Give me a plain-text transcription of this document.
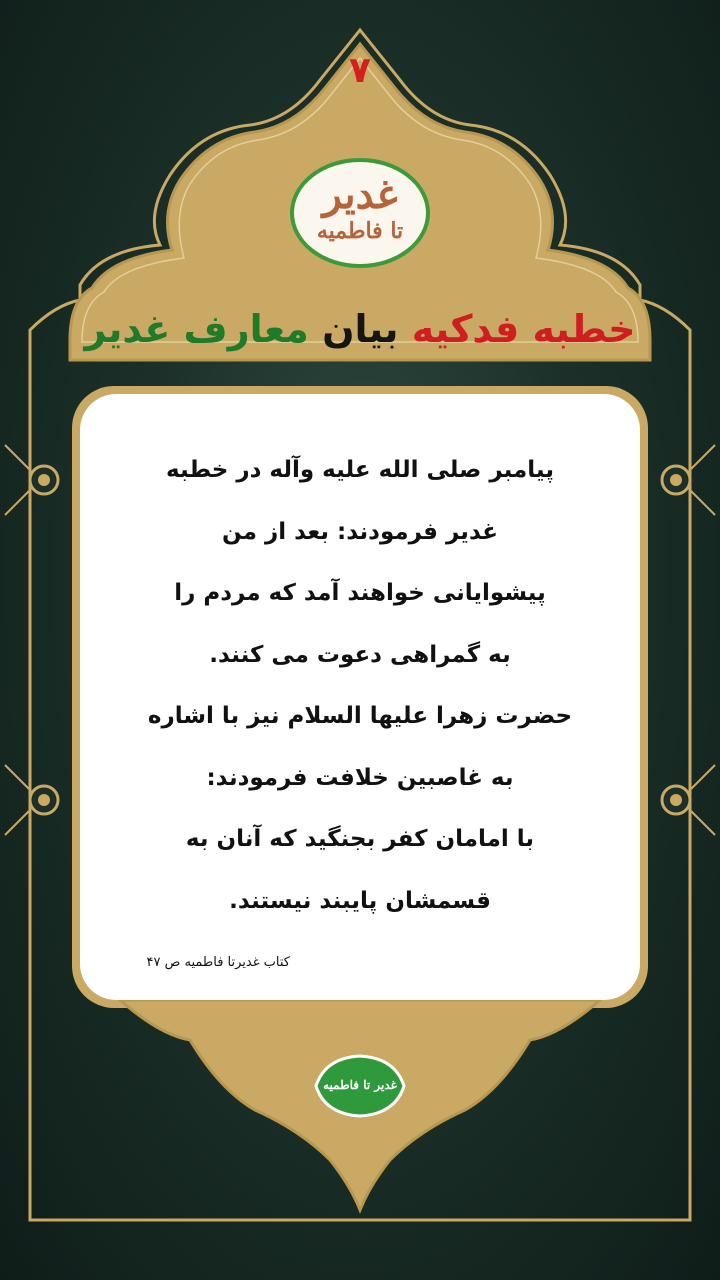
۷
غدیر
تا فاطمیه
خطبه فدکیه بیان معارف غدیر

پیامبر صلی الله علیه وآله در خطبه

غدیر فرمودند: بعد از من

پیشوایانی خواهند آمد که مردم را

به گمراهی دعوت می کنند.

حضرت زهرا علیها السلام نیز با اشاره

به غاصبین خلافت فرمودند:

با امامان کفر بجنگید که آنان به

قسمشان پایبند نیستند.

کتاب غدیرتا فاطمیه ص ۴۷
غدیر تا فاطمیه
